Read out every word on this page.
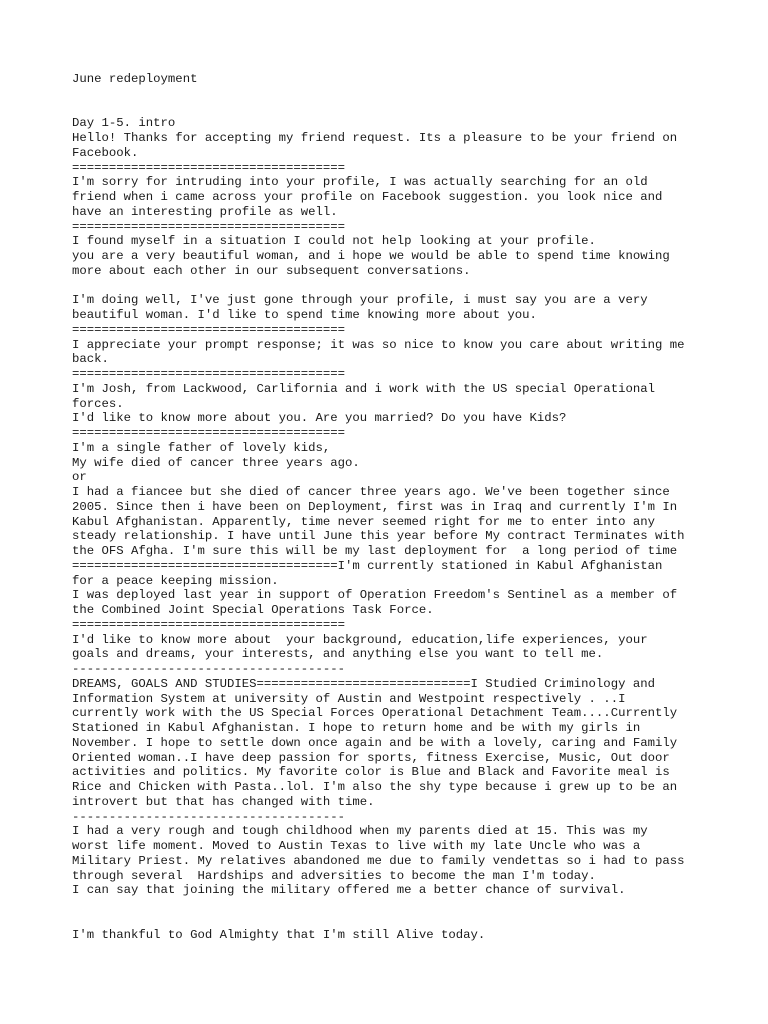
June redeployment
Day 1-5. intro
Hello! Thanks for accepting my friend request. Its a pleasure to be your friend on
Facebook.
=====================================
I'm sorry for intruding into your profile, I was actually searching for an old
friend when i came across your profile on Facebook suggestion. you look nice and
have an interesting profile as well.
=====================================
I found myself in a situation I could not help looking at your profile.
you are a very beautiful woman, and i hope we would be able to spend time knowing
more about each other in our subsequent conversations.
I'm doing well, I've just gone through your profile, i must say you are a very
beautiful woman. I'd like to spend time knowing more about you.
=====================================
I appreciate your prompt response; it was so nice to know you care about writing me
back.
=====================================
I'm Josh, from Lackwood, Carlifornia and i work with the US special Operational
forces.
I'd like to know more about you. Are you married? Do you have Kids?
=====================================
I'm a single father of lovely kids,
My wife died of cancer three years ago.
or
I had a fiancee but she died of cancer three years ago. We've been together since
2005. Since then i have been on Deployment, first was in Iraq and currently I'm In
Kabul Afghanistan. Apparently, time never seemed right for me to enter into any
steady relationship. I have until June this year before My contract Terminates with
the OFS Afgha. I'm sure this will be my last deployment for  a long period of time
====================================I'm currently stationed in Kabul Afghanistan
for a peace keeping mission.
I was deployed last year in support of Operation Freedom's Sentinel as a member of
the Combined Joint Special Operations Task Force.
=====================================
I'd like to know more about  your background, education,life experiences, your
goals and dreams, your interests, and anything else you want to tell me.
-------------------------------------
DREAMS, GOALS AND STUDIES=============================I Studied Criminology and
Information System at university of Austin and Westpoint respectively . ..I
currently work with the US Special Forces Operational Detachment Team....Currently
Stationed in Kabul Afghanistan. I hope to return home and be with my girls in
November. I hope to settle down once again and be with a lovely, caring and Family
Oriented woman..I have deep passion for sports, fitness Exercise, Music, Out door
activities and politics. My favorite color is Blue and Black and Favorite meal is
Rice and Chicken with Pasta..lol. I'm also the shy type because i grew up to be an
introvert but that has changed with time.
-------------------------------------
I had a very rough and tough childhood when my parents died at 15. This was my
worst life moment. Moved to Austin Texas to live with my late Uncle who was a
Military Priest. My relatives abandoned me due to family vendettas so i had to pass
through several  Hardships and adversities to become the man I'm today.
I can say that joining the military offered me a better chance of survival.
I'm thankful to God Almighty that I'm still Alive today.
